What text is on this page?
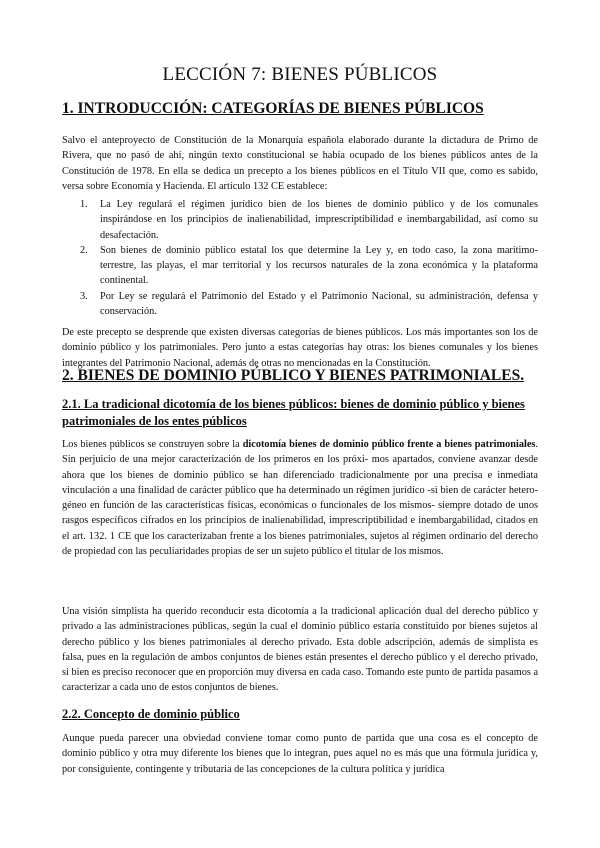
LECCIÓN 7: BIENES PÚBLICOS
1. INTRODUCCIÓN: CATEGORÍAS DE BIENES PÚBLICOS
Salvo el anteproyecto de Constitución de la Monarquía española elaborado durante la dictadura de Primo de Rivera, que no pasó de ahí, ningún texto constitucional se había ocupado de los bienes públicos antes de la Constitución de 1978. En ella se dedica un precepto a los bienes públicos en el Título VII que, como es sabido, versa sobre Economía y Hacienda. El artículo 132 CE establece:
1. La Ley regulará el régimen jurídico bien de los bienes de dominio público y de los comunales inspirándose en los principios de inalienabilidad, imprescriptibilidad e inembargabilidad, así como su desafectación.
2. Son bienes de dominio público estatal los que determine la Ley y, en todo caso, la zona marítimo-terrestre, las playas, el mar territorial y los recursos naturales de la zona económica y la plataforma continental.
3. Por Ley se regulará el Patrimonio del Estado y el Patrimonio Nacional, su administración, defensa y conservación.
De este precepto se desprende que existen diversas categorías de bienes públicos. Los más importantes son los de dominio público y los patrimoniales. Pero junto a estas categorías hay otras: los bienes comunales y los bienes integrantes del Patrimonio Nacional, además de otras no mencionadas en la Constitución.
2. BIENES DE DOMINIO PÚBLICO Y BIENES PATRIMONIALES.
2.1. La tradicional dicotomía de los bienes públicos: bienes de dominio público y bienes patrimoniales de los entes públicos
Los bienes públicos se construyen sobre la dicotomía bienes de dominio público frente a bienes patrimoniales. Sin perjuicio de una mejor caracterización de los primeros en los próxi- mos apartados, conviene avanzar desde ahora que los bienes de dominio público se han diferenciado tradicionalmente por una precisa e inmediata vinculación a una finalidad de carácter público que ha determinado un régimen jurídico -si bien de carácter hetero- géneo en función de las características físicas, económicas o funcionales de los mismos- siempre dotado de unos rasgos específicos cifrados en los principios de inalienabilidad, imprescriptibilidad e inembargabilidad, citados en el art. 132. 1 CE que los caracterizaban frente a los bienes patrimoniales, sujetos al régimen ordinario del derecho de propiedad con las peculiaridades propias de ser un sujeto público el titular de los mismos.
Una visión simplista ha querido reconducir esta dicotomía a la tradicional aplicación dual del derecho público y privado a las administraciones públicas, según la cual el dominio público estaría constituido por bienes sujetos al derecho público y los bienes patrimoniales al derecho privado. Esta doble adscripción, además de simplista es falsa, pues en la regulación de ambos conjuntos de bienes están presentes el derecho público y el derecho privado, si bien es preciso reconocer que en proporción muy diversa en cada caso. Tomando este punto de partida pasamos a caracterizar a cada uno de estos conjuntos de bienes.
2.2. Concepto de dominio público
Aunque pueda parecer una obviedad conviene tomar como punto de partida que una cosa es el concepto de dominio público y otra muy diferente los bienes que lo integran, pues aquel no es más que una fórmula jurídica y, por consiguiente, contingente y tributaria de las concepciones de la cultura política y jurídica
